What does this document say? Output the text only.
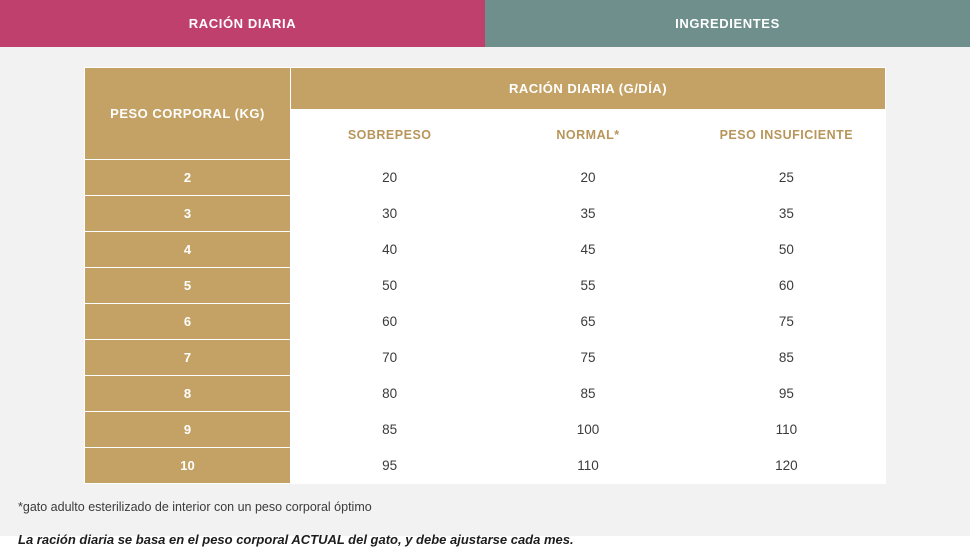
RACIÓN DIARIA	INGREDIENTES
PESO CORPORAL (KG)	RACIÓN DIARIA (G/DÍA)		
	SOBREPESO	NORMAL*	PESO INSUFICIENTE
2	20	20	25
3	30	35	35
4	40	45	50
5	50	55	60
6	60	65	75
7	70	75	85
8	80	85	95
9	85	100	110
10	95	110	120

*gato adulto esterilizado de interior con un peso corporal óptimo

La ración diaria se basa en el peso corporal ACTUAL del gato, y debe ajustarse cada mes.
